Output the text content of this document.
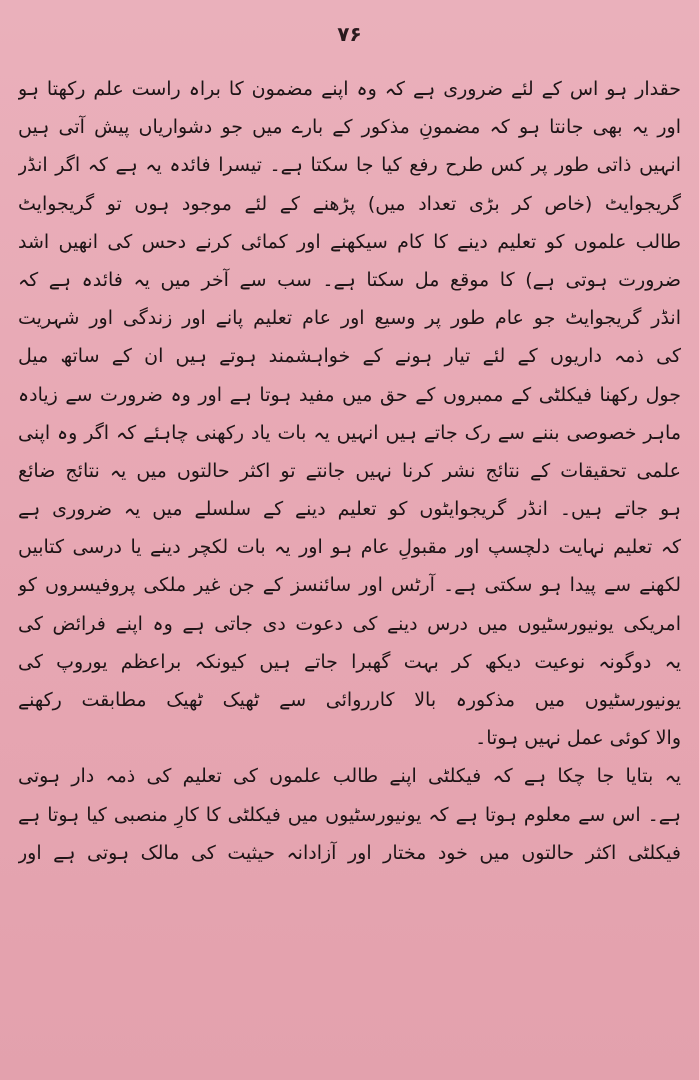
۷۶
حقدار ہو اس کے لئے ضروری ہے کہ وہ اپنے مضمون کا براہ راست علم رکھتا ہو
اور یہ بھی جانتا ہو کہ مضمونِ مذکور کے بارے میں جو دشواریاں پیش آتی ہیں
انہیں ذاتی طور پر کس طرح رفع کیا جا سکتا ہے۔ تیسرا فائدہ یہ ہے کہ اگر انڈر
گریجوایٹ (خاص کر بڑی تعداد میں) پڑھنے کے لئے موجود ہوں تو گریجوایٹ
طالب علموں کو تعلیم دینے کا کام سیکھنے اور کمائی کرنے دحس کی انھیں اشد
ضرورت ہوتی ہے) کا موقع مل سکتا ہے۔ سب سے آخر میں یہ فائدہ ہے کہ
انڈر گریجوایٹ جو عام طور پر وسیع اور عام تعلیم پانے اور زندگی اور شہریت
کی ذمہ داریوں کے لئے تیار ہونے کے خواہشمند ہوتے ہیں ان کے ساتھ میل
جول رکھنا فیکلٹی کے ممبروں کے حق میں مفید ہوتا ہے اور وہ ضرورت سے زیادہ
ماہر خصوصی بننے سے رک جاتے ہیں انہیں یہ بات یاد رکھنی چاہئے کہ اگر وہ اپنی
علمی تحقیقات کے نتائج نشر کرنا نہیں جانتے تو اکثر حالتوں میں یہ نتائج ضائع
ہو جاتے ہیں۔ انڈر گریجوایٹوں کو تعلیم دینے کے سلسلے میں یہ ضروری ہے
کہ تعلیم نہایت دلچسپ اور مقبولِ عام ہو اور یہ بات لکچر دینے یا درسی کتابیں
لکھنے سے پیدا ہو سکتی ہے۔ آرٹس اور سائنسز کے جن غیر ملکی پروفیسروں کو
امریکی یونیورسٹیوں میں درس دینے کی دعوت دی جاتی ہے وہ اپنے فرائض کی
یہ دوگونہ نوعیت دیکھ کر بہت گھبرا جاتے ہیں کیونکہ براعظم یوروپ کی
یونیورسٹیوں میں مذکورہ بالا کارروائی سے ٹھیک ٹھیک مطابقت رکھنے
والا کوئی عمل نہیں ہوتا۔
یہ بتایا جا چکا ہے کہ فیکلٹی اپنے طالب علموں کی تعلیم کی ذمہ دار ہوتی
ہے۔ اس سے معلوم ہوتا ہے کہ یونیورسٹیوں میں فیکلٹی کا کارِ منصبی کیا ہوتا ہے
فیکلٹی اکثر حالتوں میں خود مختار اور آزادانہ حیثیت کی مالک ہوتی ہے اور
